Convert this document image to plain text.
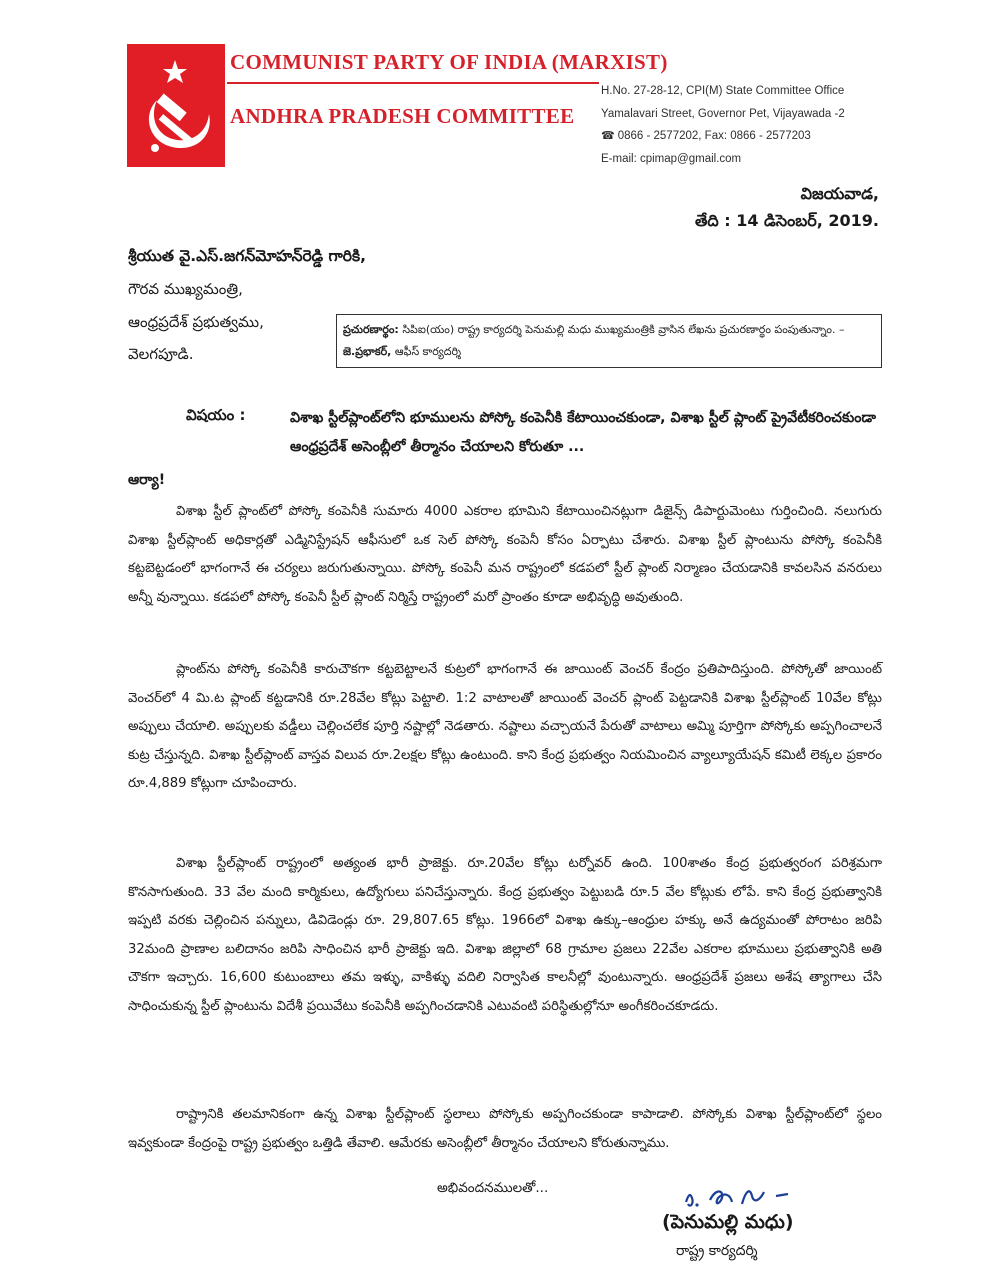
COMMUNIST PARTY OF INDIA (MARXIST)
ANDHRA PRADESH COMMITTEE
H.No. 27-28-12, CPI(M) State Committee Office
Yamalavari Street, Governor Pet, Vijayawada -2
☎ 0866 - 2577202, Fax: 0866 - 2577203
E-mail: cpimap@gmail.com
విజయవాడ,
తేది : 14 డిసెంబర్, 2019.
శ్రీయుత వై.ఎస్.జగన్‌మోహన్‌రెడ్డి గారికి,
గౌరవ ముఖ్యమంత్రి,
ఆంధ్రప్రదేశ్ ప్రభుత్వము,
వెలగపూడి.
ప్రచురణార్థం: సిపిఐ(యం) రాష్ట్ర కార్యదర్శి పెనుమల్లి మధు ముఖ్యమంత్రికి వ్రాసిన లేఖను ప్రచురణార్థం పంపుతున్నాం. – జె.ప్రభాకర్, ఆఫీస్ కార్యదర్శి
విషయం :	విశాఖ స్టీల్‌ప్లాంట్‌లోని భూములను పోస్కో కంపెనీకి కేటాయించకుండా, విశాఖ స్టీల్ ప్లాంట్ ప్రైవేటీకరించకుండా ఆంధ్రప్రదేశ్ అసెంబ్లీలో తీర్మానం చేయాలని కోరుతూ ...
ఆర్యా!
విశాఖ స్టీల్ ప్లాంట్‌లో పోస్కో కంపెనీకి సుమారు 4000 ఎకరాల భూమిని కేటాయించినట్లుగా డిజైన్స్ డిపార్టుమెంటు గుర్తించింది. నలుగురు విశాఖ స్టీల్‌ప్లాంట్ అధికార్లతో ఎడ్మినిస్ట్రేషన్ ఆఫీసులో ఒక సెల్ పోస్కో కంపెనీ కోసం ఏర్పాటు చేశారు. విశాఖ స్టీల్ ప్లాంటును పోస్కో కంపెనీకి కట్టబెట్టడంలో భాగంగానే ఈ చర్యలు జరుగుతున్నాయి. పోస్కో కంపెనీ మన రాష్ట్రంలో కడపలో స్టీల్ ప్లాంట్ నిర్మాణం చేయడానికి కావలసిన వనరులు అన్నీ వున్నాయి. కడపలో పోస్కో కంపెనీ స్టీల్ ప్లాంట్ నిర్మిస్తే రాష్ట్రంలో మరో ప్రాంతం కూడా అభివృద్ధి అవుతుంది.
ప్లాంట్‌ను పోస్కో కంపెనీకి కారుచౌకగా కట్టబెట్టాలనే కుట్రలో భాగంగానే ఈ జాయింట్ వెంచర్ కేంద్రం ప్రతిపాదిస్తుంది. పోస్కోతో జాయింట్ వెంచర్‌లో 4 మి.ట ప్లాంట్ కట్టడానికి రూ.28వేల కోట్లు పెట్టాలి. 1:2 వాటాలతో జాయింట్ వెంచర్ ప్లాంట్ పెట్టడానికి విశాఖ స్టీల్‌ప్లాంట్ 10వేల కోట్లు అప్పులు చేయాలి. అప్పులకు వడ్డీలు చెల్లించలేక పూర్తి నష్టాల్లో నెడతారు. నష్టాలు వచ్చాయనే పేరుతో వాటాలు అమ్మి పూర్తిగా పోస్కోకు అప్పగించాలనే కుట్ర చేస్తున్నది. విశాఖ స్టీల్‌ప్లాంట్ వాస్తవ విలువ రూ.2లక్షల కోట్లు ఉంటుంది. కాని కేంద్ర ప్రభుత్వం నియమించిన వ్యాల్యూయేషన్ కమిటీ లెక్కల ప్రకారం రూ.4,889 కోట్లుగా చూపించారు.
విశాఖ స్టీల్‌ప్లాంట్ రాష్ట్రంలో అత్యంత భారీ ప్రాజెక్టు. రూ.20వేల కోట్లు టర్నోవర్ ఉంది. 100శాతం కేంద్ర ప్రభుత్వరంగ పరిశ్రమగా కొనసాగుతుంది. 33 వేల మంది కార్మికులు, ఉద్యోగులు పనిచేస్తున్నారు. కేంద్ర ప్రభుత్వం పెట్టుబడి రూ.5 వేల కోట్లుకు లోపే. కాని కేంద్ర ప్రభుత్వానికి ఇప్పటి వరకు చెల్లించిన పన్నులు, డివిడెండ్లు రూ. 29,807.65 కోట్లు. 1966లో విశాఖ ఉక్కు–ఆంధ్రుల హక్కు అనే ఉద్యమంతో పోరాటం జరిపి 32మంది ప్రాణాల బలిదానం జరిపి సాధించిన భారీ ప్రాజెక్టు ఇది. విశాఖ జిల్లాలో 68 గ్రామాల ప్రజలు 22వేల ఎకరాల భూములు ప్రభుత్వానికి అతి చౌకగా ఇచ్చారు. 16,600 కుటుంబాలు తమ ఇళ్ళు, వాకిళ్ళు వదిలి నిర్వాసిత కాలనీల్లో వుంటున్నారు. ఆంధ్రప్రదేశ్ ప్రజలు అశేష త్యాగాలు చేసి సాధించుకున్న స్టీల్ ప్లాంటును విదేశీ ప్రయివేటు కంపెనీకి అప్పగించడానికి ఎటువంటి పరిస్థితుల్లోనూ అంగీకరించకూడదు.
రాష్ట్రానికి తలమానికంగా ఉన్న విశాఖ స్టీల్‌ప్లాంట్ స్థలాలు పోస్కోకు అప్పగించకుండా కాపాడాలి. పోస్కోకు విశాఖ స్టీల్‌ప్లాంట్‌లో స్థలం ఇవ్వకుండా కేంద్రంపై రాష్ట్ర ప్రభుత్వం ఒత్తిడి తేవాలి. ఆమేరకు అసెంబ్లీలో తీర్మానం చేయాలని కోరుతున్నాము.
అభివందనములతో...
(పెనుమల్లి మధు)
రాష్ట్ర కార్యదర్శి
